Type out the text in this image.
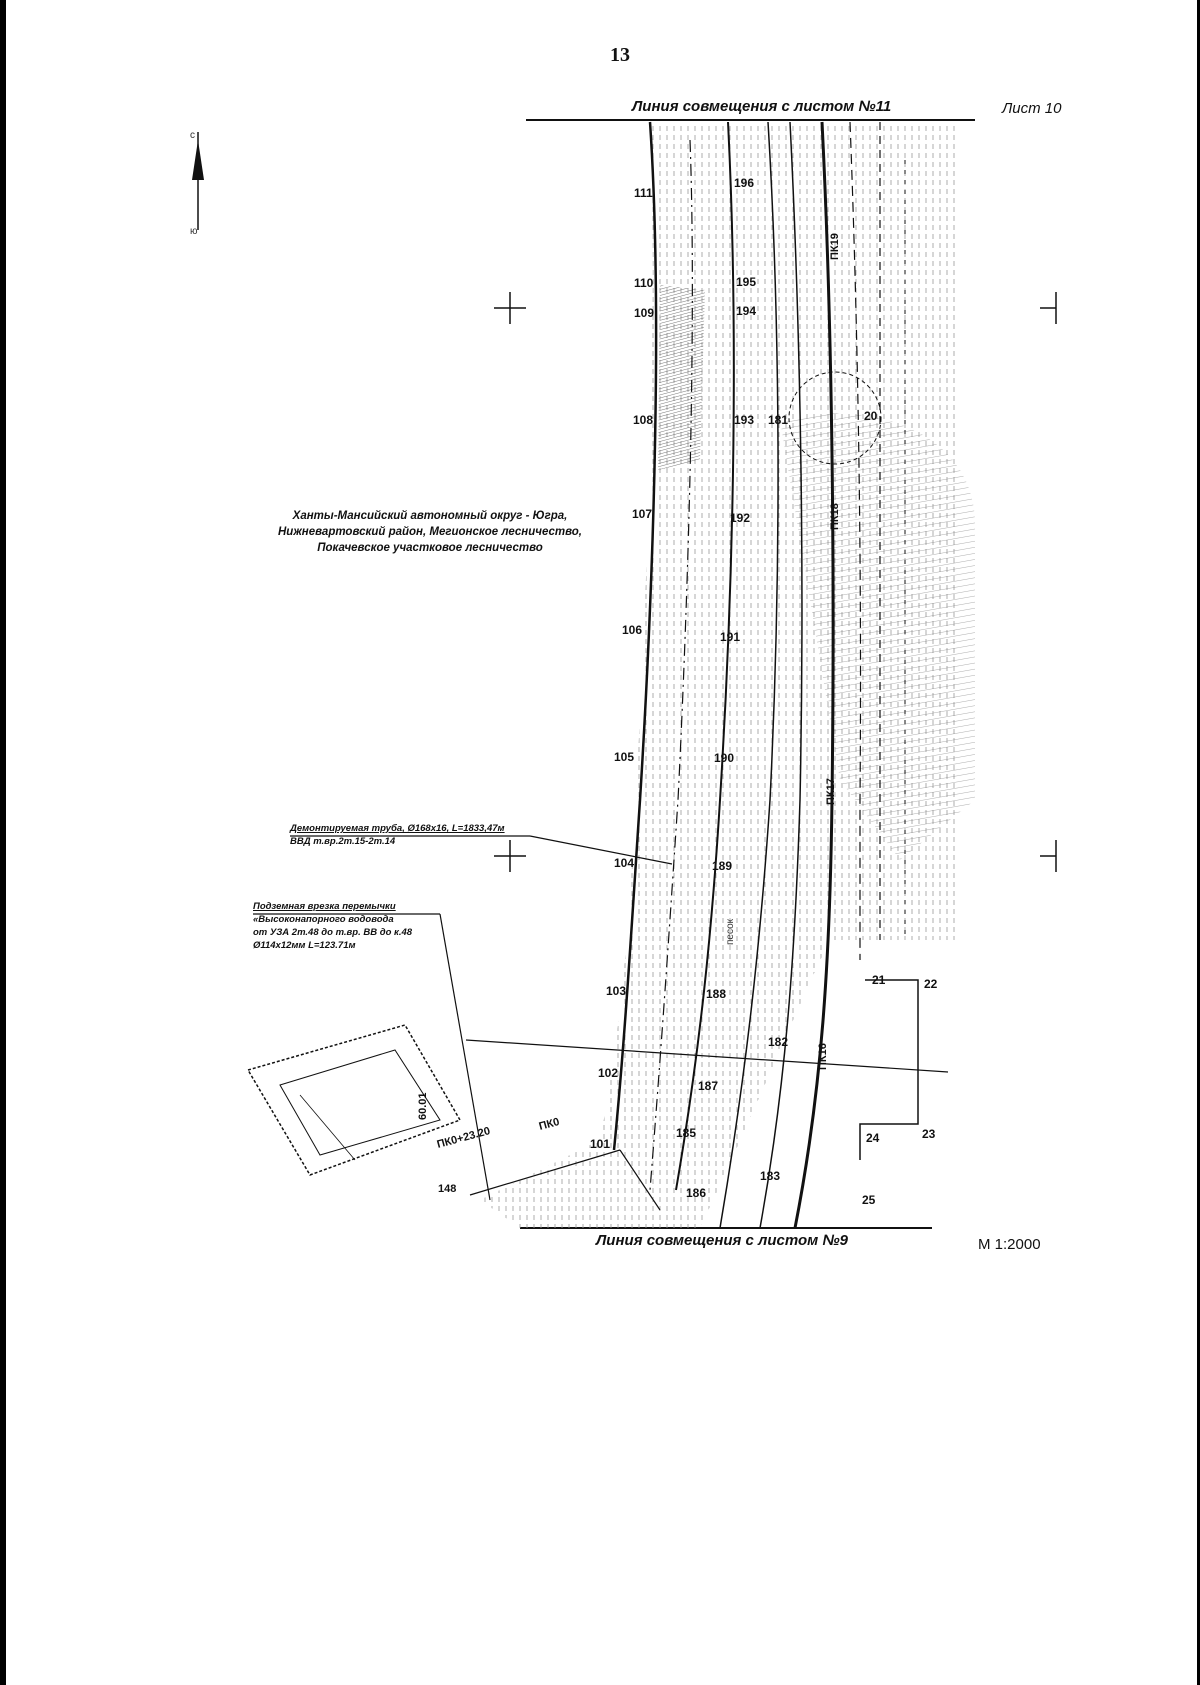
13
Лист 10
М 1:2000
Линия совмещения с листом №11
Линия совмещения с листом №9
Ханты-Мансийский автономный округ - Югра,
Нижневартовский район, Мегионское лесничество,
Покачевское участковое лесничество
Демонтируемая труба, Ø168х16, L=1833,47м
ВВД т.вр.2т.15-2т.14
Подземная врезка перемычки
«Высоконапорного водовода
от УЗА 2т.48 до т.вр. ВВ до к.48
Ø114х12мм L=123.71м
с
ю
111
110
109
108
107
106
105
104
103
102
101
196
195
194
193
192
191
190
189
188
187
186
185
181
182
183
20
21	22
23
24
25
ПК19
ПК18
ПК17
ПК16
ПК0
ПК0+23.20
песок
60.01
148
